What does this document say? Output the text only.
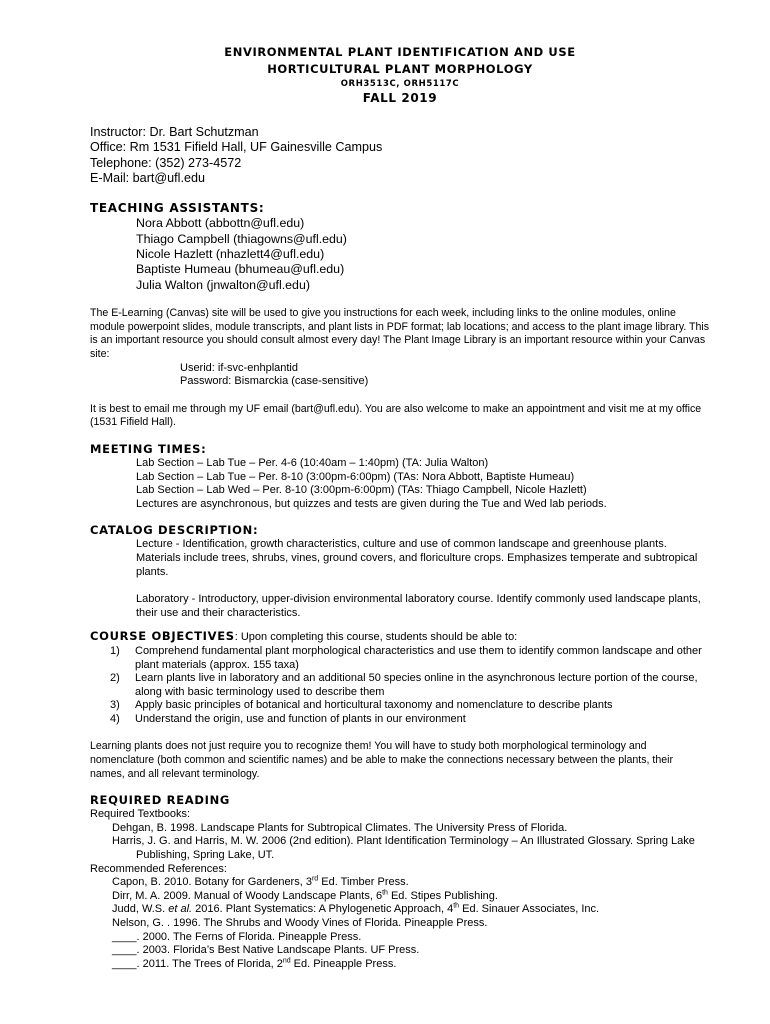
ENVIRONMENTAL PLANT IDENTIFICATION AND USE
HORTICULTURAL PLANT MORPHOLOGY
ORH3513C, ORH5117C
FALL 2019
Instructor: Dr. Bart Schutzman
Office: Rm 1531 Fifield Hall, UF Gainesville Campus
Telephone: (352) 273-4572
E-Mail: bart@ufl.edu
TEACHING ASSISTANTS:
Nora Abbott (abbottn@ufl.edu)
Thiago Campbell (thiagowns@ufl.edu)
Nicole Hazlett (nhazlett4@ufl.edu)
Baptiste Humeau (bhumeau@ufl.edu)
Julia Walton (jnwalton@ufl.edu)

The E-Learning (Canvas) site will be used to give you instructions for each week, including links to the online modules, online module powerpoint slides, module transcripts, and plant lists in PDF format; lab locations; and access to the plant image library. This is an important resource you should consult almost every day! The Plant Image Library is an important resource within your Canvas site:

Userid: if-svc-enhplantid
Password: Bismarckia (case-sensitive)

It is best to email me through my UF email (bart@ufl.edu). You are also welcome to make an appointment and visit me at my office (1531 Fifield Hall).

MEETING TIMES:
Lab Section – Lab Tue – Per. 4-6 (10:40am – 1:40pm) (TA: Julia Walton)
Lab Section – Lab Tue – Per. 8-10 (3:00pm-6:00pm) (TAs: Nora Abbott, Baptiste Humeau)
Lab Section – Lab Wed – Per. 8-10 (3:00pm-6:00pm) (TAs: Thiago Campbell, Nicole Hazlett)
Lectures are asynchronous, but quizzes and tests are given during the Tue and Wed lab periods.
CATALOG DESCRIPTION:

Lecture - Identification, growth characteristics, culture and use of common landscape and greenhouse plants. Materials include trees, shrubs, vines, ground covers, and floriculture crops. Emphasizes temperate and subtropical plants.

Laboratory - Introductory, upper-division environmental laboratory course. Identify commonly used landscape plants, their use and their characteristics.

COURSE OBJECTIVES: Upon completing this course, students should be able to:
1) Comprehend fundamental plant morphological characteristics and use them to identify common landscape and other plant materials (approx. 155 taxa)
2) Learn plants live in laboratory and an additional 50 species online in the asynchronous lecture portion of the course, along with basic terminology used to describe them
3) Apply basic principles of botanical and horticultural taxonomy and nomenclature to describe plants
4) Understand the origin, use and function of plants in our environment

Learning plants does not just require you to recognize them! You will have to study both morphological terminology and nomenclature (both common and scientific names) and be able to make the connections necessary between the plants, their names, and all relevant terminology.

REQUIRED READING
Required Textbooks:
Dehgan, B. 1998. Landscape Plants for Subtropical Climates. The University Press of Florida.
Harris, J. G. and Harris, M. W. 2006 (2nd edition). Plant Identification Terminology – An Illustrated Glossary. Spring Lake Publishing, Spring Lake, UT.
Recommended References:
Capon, B. 2010. Botany for Gardeners, 3rd Ed. Timber Press.
Dirr, M. A. 2009. Manual of Woody Landscape Plants, 6th Ed. Stipes Publishing.
Judd, W.S. et al. 2016. Plant Systematics: A Phylogenetic Approach, 4th Ed. Sinauer Associates, Inc.
Nelson, G. . 1996. The Shrubs and Woody Vines of Florida. Pineapple Press.
____. 2000. The Ferns of Florida. Pineapple Press.
____. 2003. Florida’s Best Native Landscape Plants. UF Press.
____. 2011. The Trees of Florida, 2nd Ed. Pineapple Press.
